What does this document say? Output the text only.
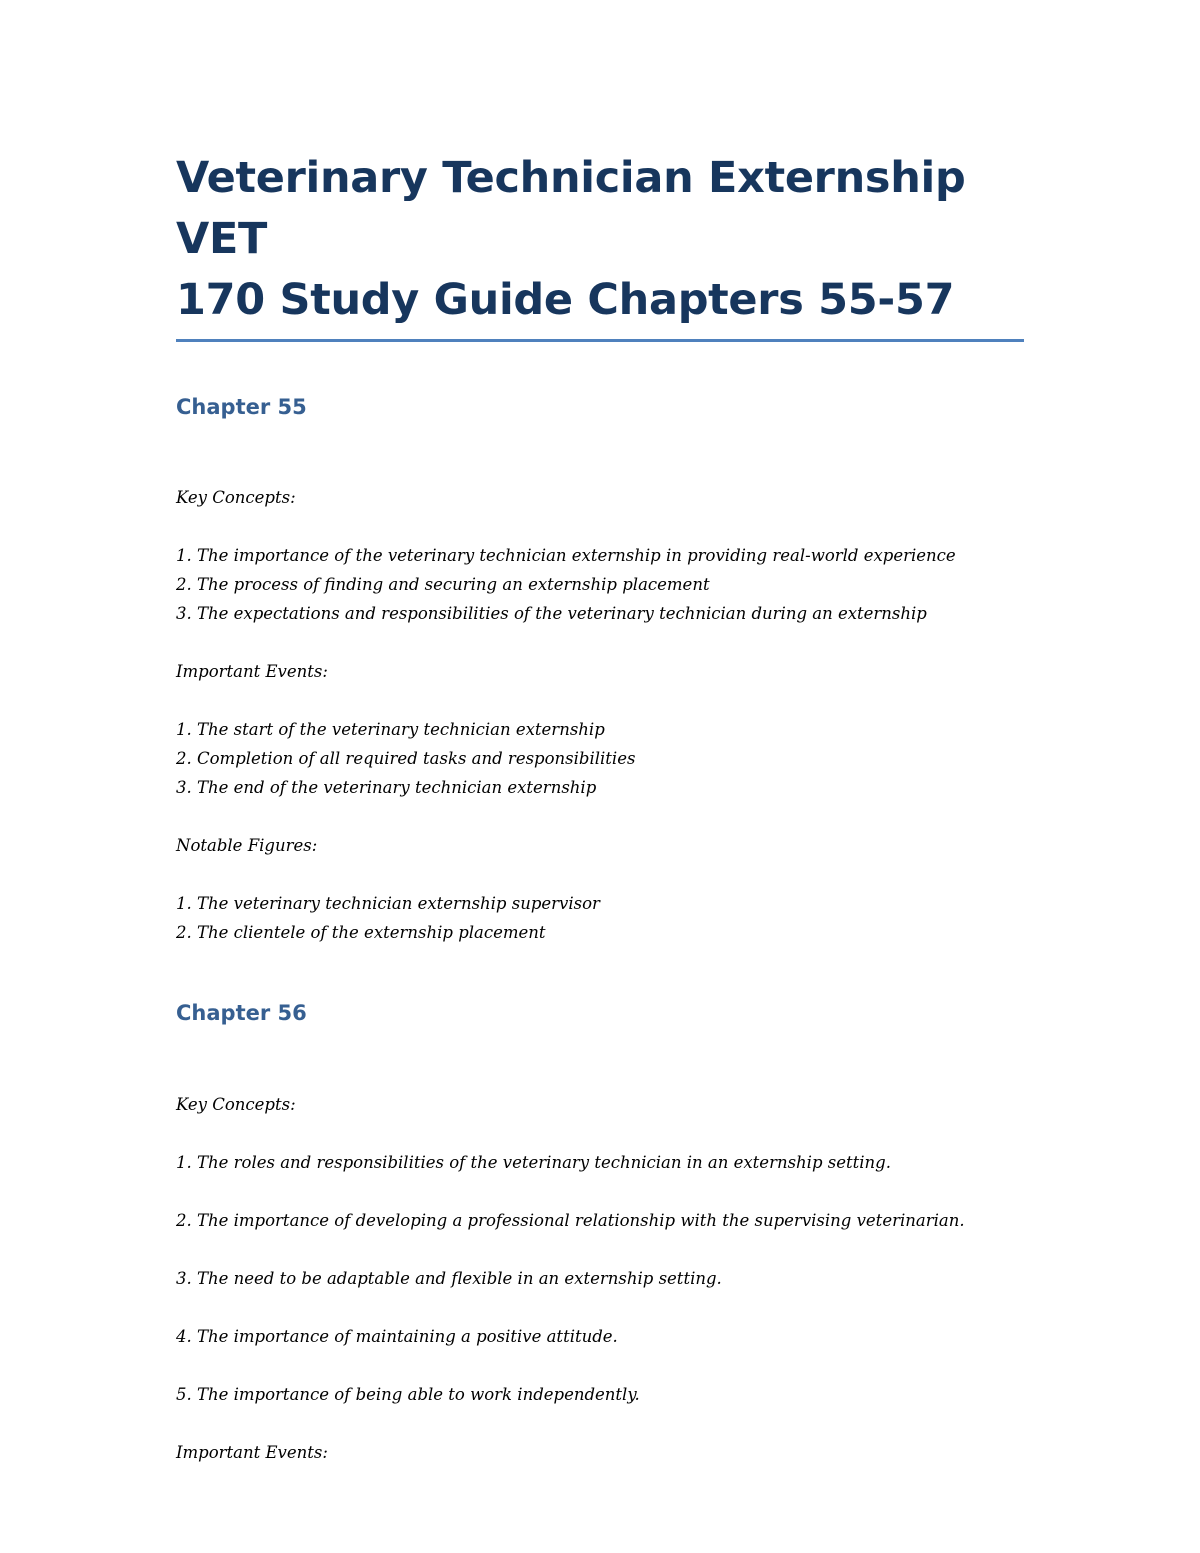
Veterinary Technician Externship VET
170 Study Guide Chapters 55-57
Chapter 55

Key Concepts:

1. The importance of the veterinary technician externship in providing real-world experience
2. The process of finding and securing an externship placement
3. The expectations and responsibilities of the veterinary technician during an externship

Important Events:

1. The start of the veterinary technician externship
2. Completion of all required tasks and responsibilities
3. The end of the veterinary technician externship

Notable Figures:

1. The veterinary technician externship supervisor
2. The clientele of the externship placement
Chapter 56

Key Concepts:

1. The roles and responsibilities of the veterinary technician in an externship setting.
2. The importance of developing a professional relationship with the supervising veterinarian.
3. The need to be adaptable and flexible in an externship setting.
4. The importance of maintaining a positive attitude.
5. The importance of being able to work independently.

Important Events:
